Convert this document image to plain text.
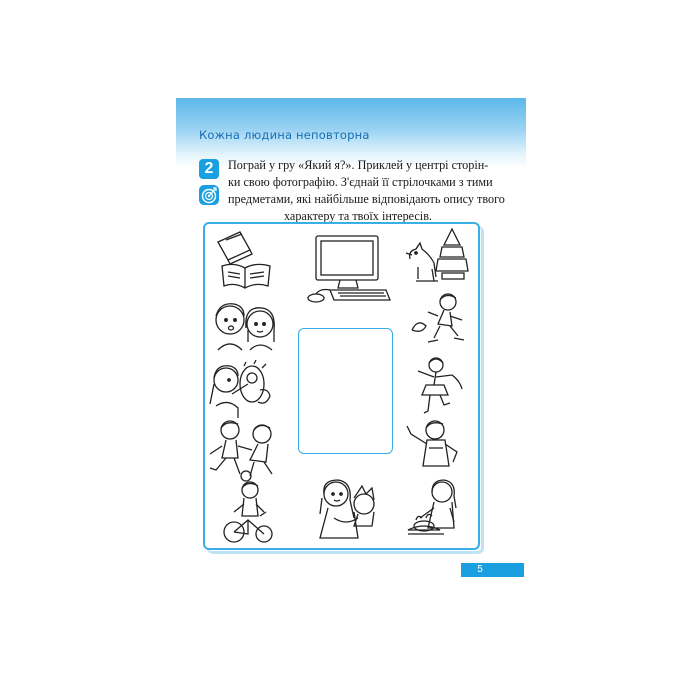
Кожна людина неповторна
2	Пограй у гру «Який я?». Приклей у центрі сторін-
ки свою фотографію. З'єднай її стрілочками з тими
предметами, які найбільше відповідають опису твого
характеру та твоїх інтересів.
5
